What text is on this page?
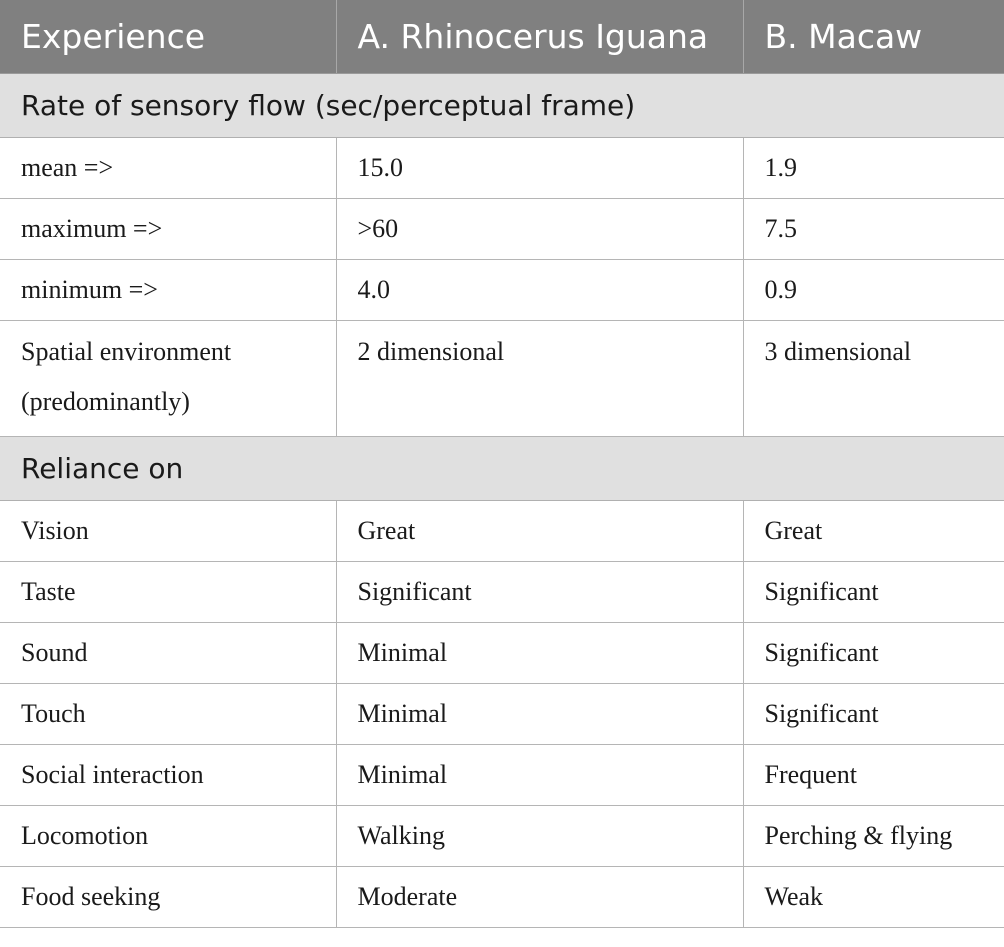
Experience	A. Rhinocerus Iguana	B. Macaw
Rate of sensory flow (sec/perceptual frame)		
mean =>	15.0	1.9
maximum =>	>60	7.5
minimum =>	4.0	0.9
Spatial environment (predominantly)	2 dimensional	3 dimensional
Reliance on		
Vision	Great	Great
Taste	Significant	Significant
Sound	Minimal	Significant
Touch	Minimal	Significant
Social interaction	Minimal	Frequent
Locomotion	Walking	Perching & flying
Food seeking	Moderate	Weak
